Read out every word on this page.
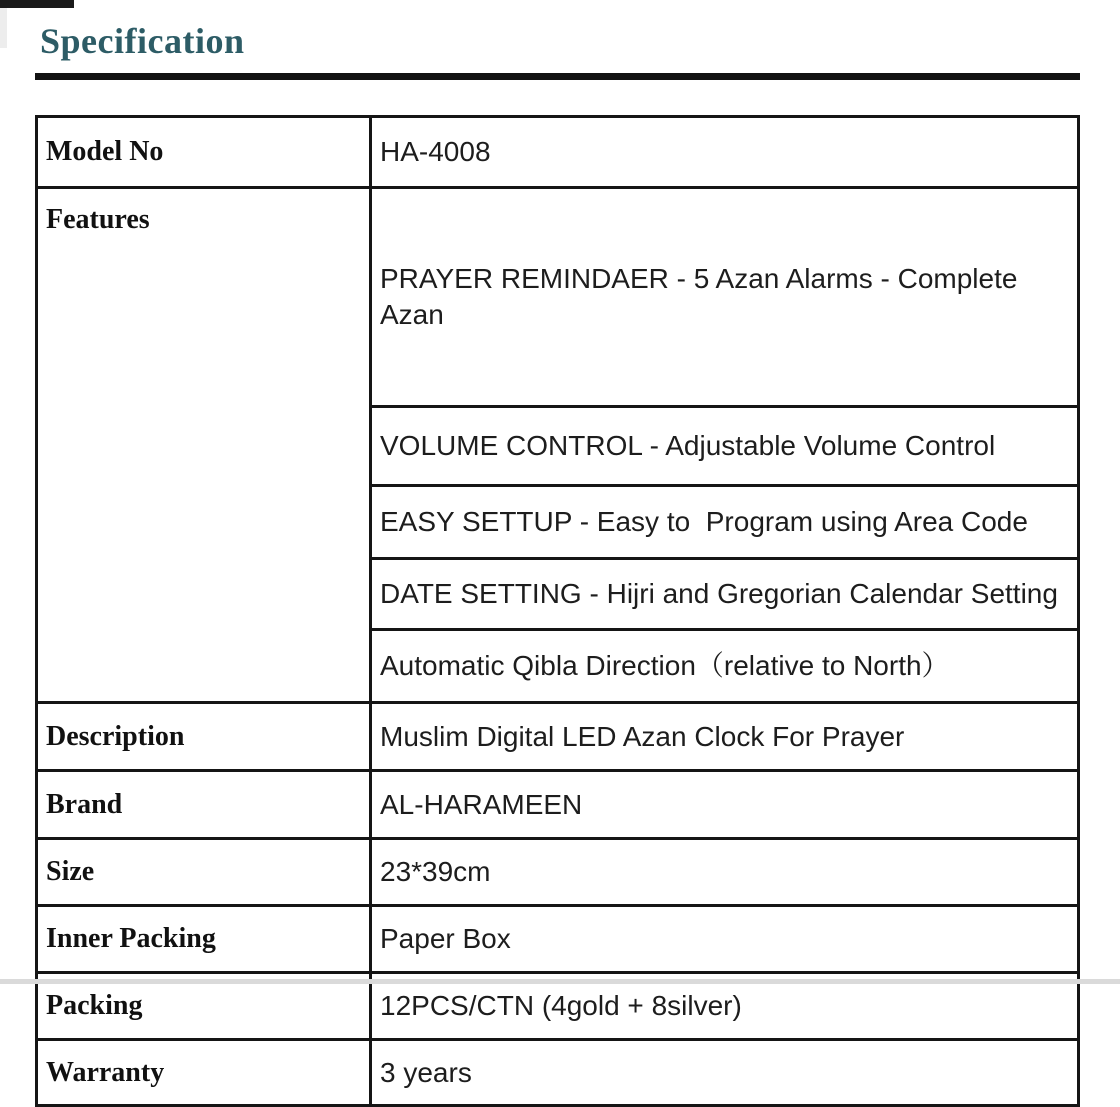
Specification
Model No	HA-4008
Features	PRAYER REMINDAER - 5 Azan Alarms - Complete Azan

	VOLUME CONTROL - Adjustable Volume Control
	EASY SETTUP - Easy to  Program using Area Code
	DATE SETTING - Hijri and Gregorian Calendar Setting
	Automatic Qibla Direction（relative to North）
Description	Muslim Digital LED Azan Clock For Prayer
Brand	AL-HARAMEEN
Size	23*39cm
Inner Packing	Paper Box
Packing	12PCS/CTN (4gold + 8silver)
Warranty	3 years
